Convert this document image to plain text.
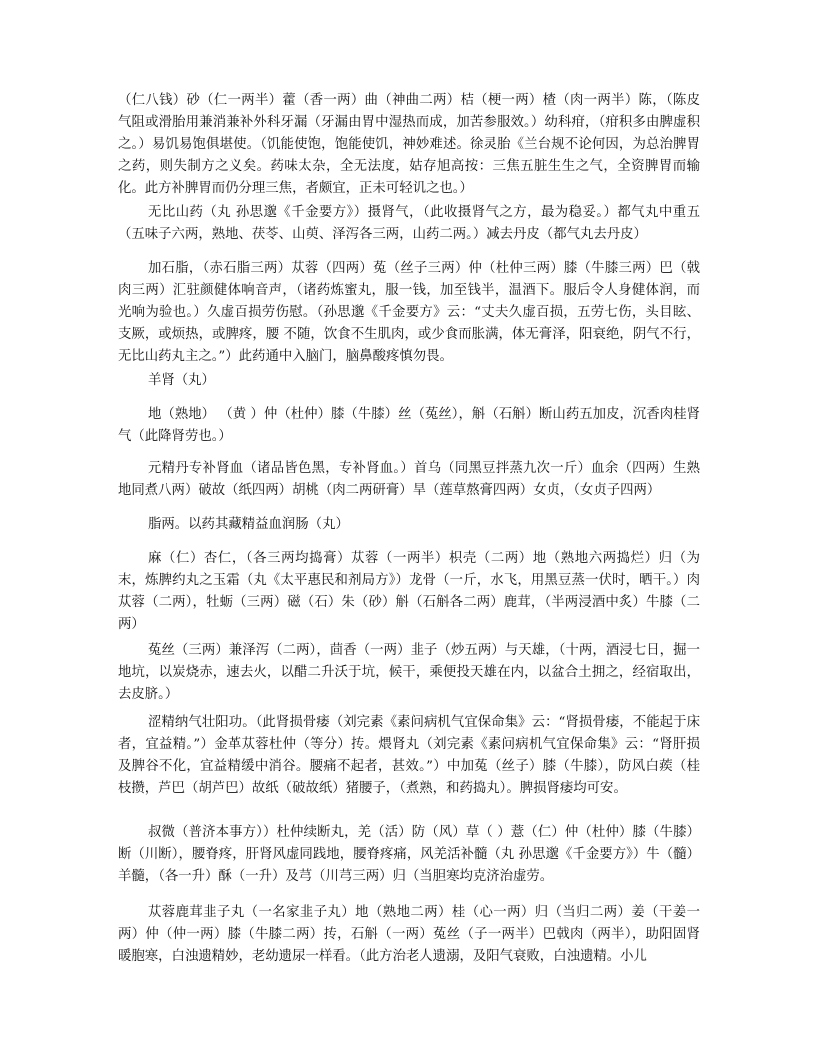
（仁八钱）砂（仁一两半）藿（香一两）曲（神曲二两）桔（梗一两）楂（肉一两半）陈，（陈皮气阻或滑胎用兼消兼补外科牙漏（牙漏由胃中湿热而成，加苦参服效。）幼科疳，（疳积多由脾虚积之。）易饥易饱俱堪使。（饥能使饱，饱能使饥，神妙难述。徐灵胎《兰台规不论何因，为总治脾胃之药，则失制方之义矣。药味太杂，全无法度，姑存旭高按：三焦五脏生生之气，全资脾胃而输化。此方补脾胃而仍分理三焦，者颇宜，正未可轻讥之也。）

无比山药（丸 孙思邈《千金要方》）摄肾气，（此收摄肾气之方，最为稳妥。）都气丸中重五（五味子六两，熟地、茯苓、山萸、泽泻各三两，山药二两。）减去丹皮（都气丸去丹皮）

加石脂，（赤石脂三两）苁蓉（四两）菟（丝子三两）仲（杜仲三两）膝（牛膝三两）巴（戟肉三两）汇驻颜健体响音声，（诸药炼蜜丸，服一钱，加至钱半，温酒下。服后令人身健体润，而光响为验也。）久虚百损劳伤慰。（孙思邈《千金要方》云：“丈夫久虚百损，五劳七伤，头目眩、支厥，或烦热，或脾疼，腰 不随，饮食不生肌肉，或少食而胀满，体无膏泽，阳衰绝，阴气不行，无比山药丸主之。”）此药通中入脑门，脑鼻酸疼慎勿畏。

羊肾（丸）

地（熟地） （黄 ）仲（杜仲）膝（牛膝）丝（菟丝），斛（石斛）断山药五加皮，沉香肉桂肾气（此降肾劳也。）

元精丹专补肾血（诸品皆色黑，专补肾血。）首乌（同黑豆拌蒸九次一斤）血余（四两）生熟地同煮八两）破故（纸四两）胡桃（肉二两研膏）旱（莲草熬膏四两）女贞，（女贞子四两）

脂两。以药其藏精益血润肠（丸）

麻（仁）杏仁，（各三两均捣膏）苁蓉（一两半）枳壳（二两）地（熟地六两捣烂）归（为末，炼脾约丸之玉霜（丸《太平惠民和剂局方》）龙骨（一斤，水飞，用黑豆蒸一伏时，晒干。）肉苁蓉（二两），牡蛎（三两）磁（石）朱（砂）斛（石斛各二两）鹿茸，（半两浸酒中炙）牛膝（二两）

菟丝（三两）兼泽泻（二两），茴香（一两）韭子（炒五两）与天雄，（十两，酒浸七日，掘一地坑，以炭烧赤，速去火，以醋二升沃于坑，候干，乘便投天雄在内，以盆合土拥之，经宿取出，去皮脐。）

涩精纳气壮阳功。（此肾损骨痿（刘完素《素问病机气宜保命集》云：“肾损骨痿，不能起于床者，宜益精。”）金革苁蓉杜仲（等分）抟。煨肾丸（刘完素《素问病机气宜保命集》云：“肾肝损及脾谷不化，宜益精缓中消谷。腰痛不起者，甚效。”）中加菟（丝子）膝（牛膝），防风白蒺（桂枝攒，芦巴（胡芦巴）故纸（破故纸）猪腰子，（煮熟，和药捣丸）。脾损肾痿均可安。

叔微（普济本事方））杜仲续断丸，羌（活）防（风）草（ ）薏（仁）仲（杜仲）膝（牛膝）断（川断），腰脊疼，肝肾风虚同践地，腰脊疼痛，风羌活补髓（丸 孙思邈《千金要方》）牛（髓）羊髓，（各一升）酥（一升）及芎（川芎三两）归（当胆寒均克济治虚劳。

苁蓉鹿茸韭子丸（一名家韭子丸）地（熟地二两）桂（心一两）归（当归二两）姜（干姜一两）仲（仲一两）膝（牛膝二两）抟，石斛（一两）菟丝（子一两半）巴戟肉（两半），助阳固肾暖胞寒，白浊遗精妙，老幼遗尿一样看。（此方治老人遗溺，及阳气衰败，白浊遗精。小儿
